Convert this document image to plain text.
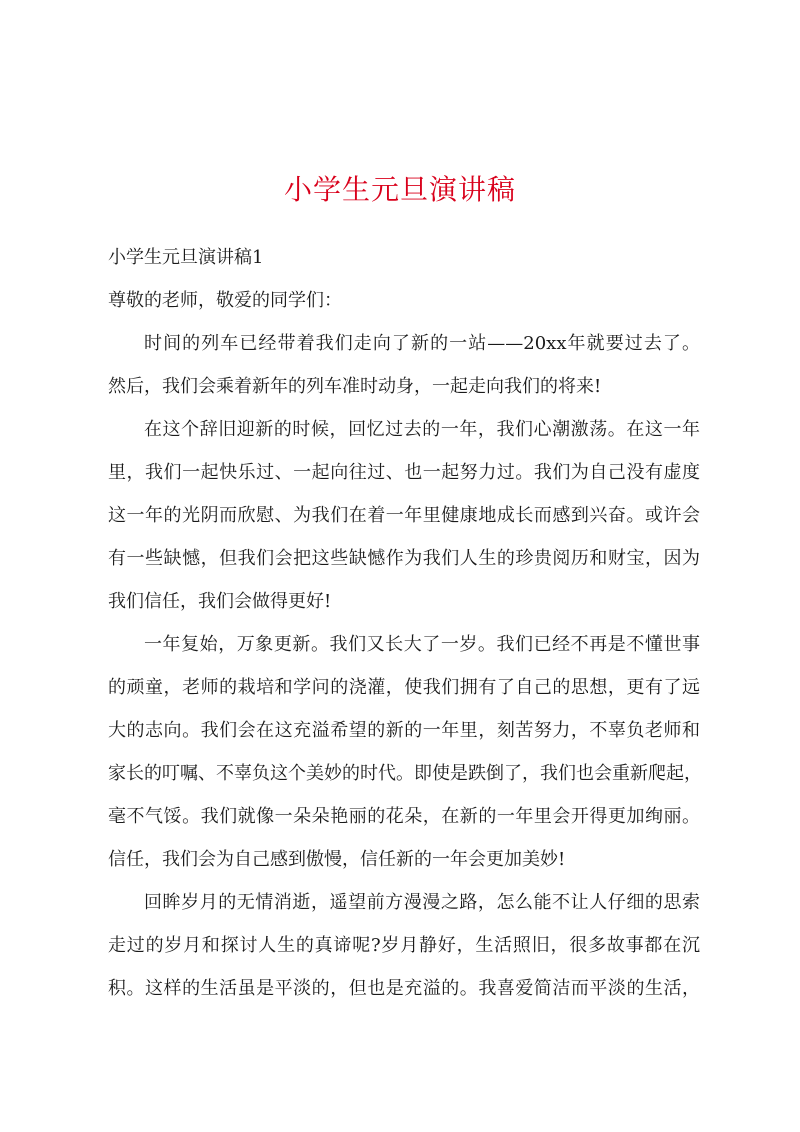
小学生元旦演讲稿
小学生元旦演讲稿1
尊敬的老师，敬爱的同学们：
时间的列车已经带着我们走向了新的一站——20xx年就要过去了。
然后，我们会乘着新年的列车准时动身，一起走向我们的将来!
在这个辞旧迎新的时候，回忆过去的一年，我们心潮激荡。在这一年
里，我们一起快乐过、一起向往过、也一起努力过。我们为自己没有虚度
这一年的光阴而欣慰、为我们在着一年里健康地成长而感到兴奋。或许会
有一些缺憾，但我们会把这些缺憾作为我们人生的珍贵阅历和财宝，因为
我们信任，我们会做得更好!
一年复始，万象更新。我们又长大了一岁。我们已经不再是不懂世事
的顽童，老师的栽培和学问的浇灌，使我们拥有了自己的思想，更有了远
大的志向。我们会在这充溢希望的新的一年里，刻苦努力，不辜负老师和
家长的叮嘱、不辜负这个美妙的时代。即使是跌倒了，我们也会重新爬起，
毫不气馁。我们就像一朵朵艳丽的花朵，在新的一年里会开得更加绚丽。
信任，我们会为自己感到傲慢，信任新的一年会更加美妙!
回眸岁月的无情消逝，遥望前方漫漫之路，怎么能不让人仔细的思索
走过的岁月和探讨人生的真谛呢?岁月静好，生活照旧，很多故事都在沉
积。这样的生活虽是平淡的，但也是充溢的。我喜爱简洁而平淡的生活，
